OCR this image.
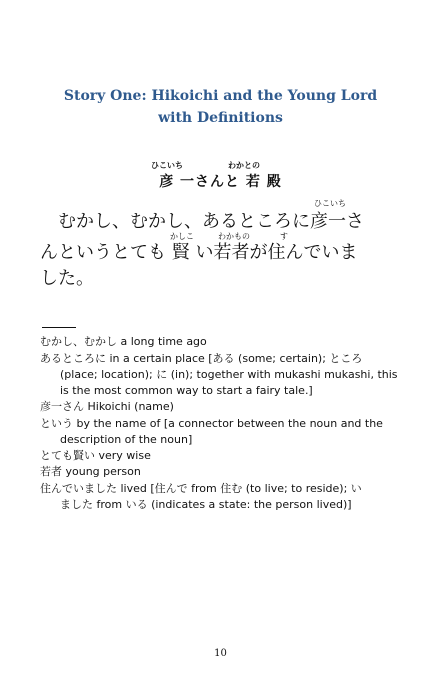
Story One: Hikoichi and the Young Lord
with Definitions
ひこいち	わかとの
彦 一さんと 若 殿
ひこいち
　むかし、むかし、あるところに彦一さ
かしこ	わかもの	す
んというとても 賢 い若者が住んでいま
した。
むかし、むかし a long time ago
あるところに in a certain place [ある (some; certain); ところ
(place; location); に (in); together with mukashi mukashi, this is the most common way to start a fairy tale.]
彦一さん Hikoichi (name)
という by the name of [a connector between the noun and the
description of the noun]
とても賢い very wise
若者 young person
住んでいました lived [住んで from 住む (to live; to reside); い
ました from いる (indicates a state: the person lived)]
10
